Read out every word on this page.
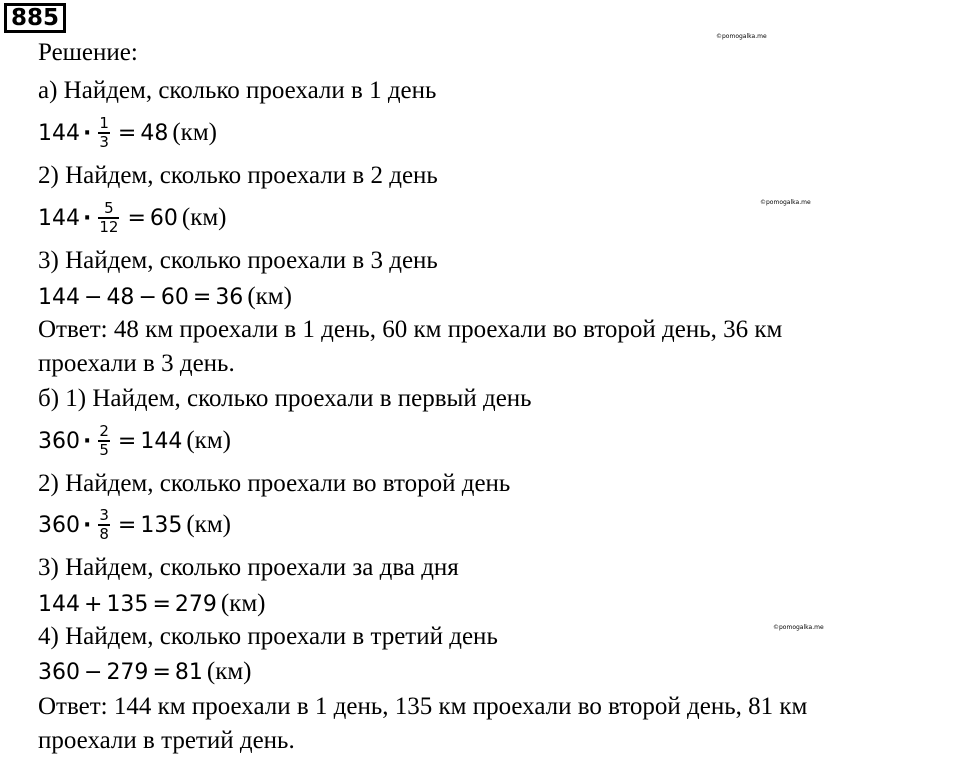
885
©pomogalka.me
©pomogalka.me
©pomogalka.me
Решение:
а) Найдем, сколько проехали в 1 день
$144 \cdot \frac{1}{3} = 48$ (км)
2) Найдем, сколько проехали в 2 день
$144 \cdot \frac{5}{12} = 60$ (км)
3) Найдем, сколько проехали в 3 день
144 − 48 − 60 = 36 (км)
Ответ: 48 км проехали в 1 день, 60 км проехали во второй день, 36 км
проехали в 3 день.
б) 1) Найдем, сколько проехали в первый день
$360 \cdot \frac{2}{5} = 144$ (км)
2) Найдем, сколько проехали во второй день
$360 \cdot \frac{3}{8} = 135$ (км)
3) Найдем, сколько проехали за два дня
144 + 135 = 279 (км)
4) Найдем, сколько проехали в третий день
360 − 279 = 81 (км)
Ответ: 144 км проехали в 1 день, 135 км проехали во второй день, 81 км
проехали в третий день.
